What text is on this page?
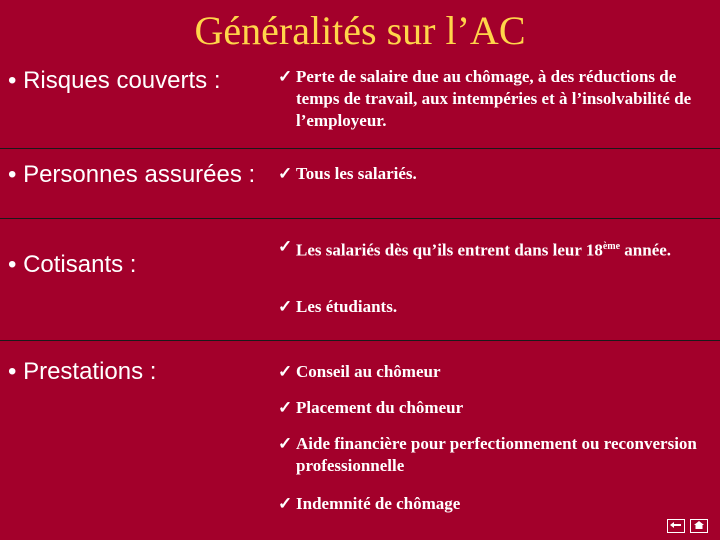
Généralités sur l’AC
• Risques couverts :	✓ Perte de salaire due au chômage, à des réductions de temps de travail, aux intempéries et à l’insolvabilité de l’employeur.
• Personnes assurées : ✓ Tous les salariés.
• Cotisants :
✓ Les salariés dès qu’ils entrent dans leur 18ème année.
✓ Les étudiants.
• Prestations :	✓ Conseil au chômeur
✓ Placement du chômeur
✓ Aide financière pour perfectionnement ou reconversion professionnelle
✓ Indemnité de chômage
